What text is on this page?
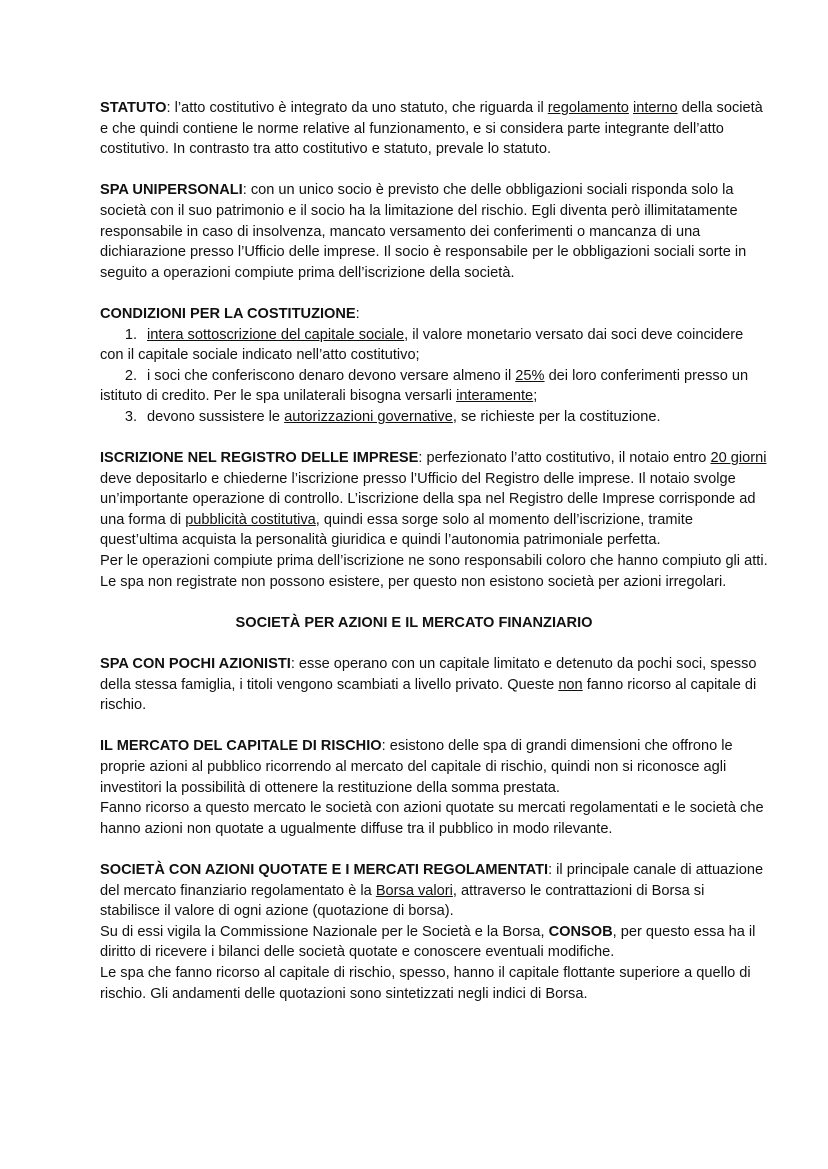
STATUTO: l’atto costitutivo è integrato da uno statuto, che riguarda il regolamento interno della società e che quindi contiene le norme relative al funzionamento, e si considera parte integrante dell’atto costitutivo. In contrasto tra atto costitutivo e statuto, prevale lo statuto.

SPA UNIPERSONALI: con un unico socio è previsto che delle obbligazioni sociali risponda solo la società con il suo patrimonio e il socio ha la limitazione del rischio. Egli diventa però illimitatamente responsabile in caso di insolvenza, mancato versamento dei conferimenti o mancanza di una dichiarazione presso l’Ufficio delle imprese. Il socio è responsabile per le obbligazioni sociali sorte in seguito a operazioni compiute prima dell’iscrizione della società.

CONDIZIONI PER LA COSTITUZIONE:

1. intera sottoscrizione del capitale sociale, il valore monetario versato dai soci deve coincidere con il capitale sociale indicato nell’atto costitutivo;
2. i soci che conferiscono denaro devono versare almeno il 25% dei loro conferimenti presso un istituto di credito. Per le spa unilaterali bisogna versarli interamente;
3. devono sussistere le autorizzazioni governative, se richieste per la costituzione.

ISCRIZIONE NEL REGISTRO DELLE IMPRESE: perfezionato l’atto costitutivo, il notaio entro 20 giorni deve depositarlo e chiederne l’iscrizione presso l’Ufficio del Registro delle imprese. Il notaio svolge un’importante operazione di controllo. L’iscrizione della spa nel Registro delle Imprese corrisponde ad una forma di pubblicità costitutiva, quindi essa sorge solo al momento dell’iscrizione, tramite quest’ultima acquista la personalità giuridica e quindi l’autonomia patrimoniale perfetta.

Per le operazioni compiute prima dell’iscrizione ne sono responsabili coloro che hanno compiuto gli atti. Le spa non registrate non possono esistere, per questo non esistono società per azioni irregolari.

SOCIETÀ PER AZIONI E IL MERCATO FINANZIARIO

SPA CON POCHI AZIONISTI: esse operano con un capitale limitato e detenuto da pochi soci, spesso della stessa famiglia, i titoli vengono scambiati a livello privato. Queste non fanno ricorso al capitale di rischio.

IL MERCATO DEL CAPITALE DI RISCHIO: esistono delle spa di grandi dimensioni che offrono le proprie azioni al pubblico ricorrendo al mercato del capitale di rischio, quindi non si riconosce agli investitori la possibilità di ottenere la restituzione della somma prestata.

Fanno ricorso a questo mercato le società con azioni quotate su mercati regolamentati e le società che hanno azioni non quotate a ugualmente diffuse tra il pubblico in modo rilevante.

SOCIETÀ CON AZIONI QUOTATE E I MERCATI REGOLAMENTATI: il principale canale di attuazione del mercato finanziario regolamentato è la Borsa valori, attraverso le contrattazioni di Borsa si stabilisce il valore di ogni azione (quotazione di borsa).

Su di essi vigila la Commissione Nazionale per le Società e la Borsa, CONSOB, per questo essa ha il diritto di ricevere i bilanci delle società quotate e conoscere eventuali modifiche.

Le spa che fanno ricorso al capitale di rischio, spesso, hanno il capitale flottante superiore a quello di rischio. Gli andamenti delle quotazioni sono sintetizzati negli indici di Borsa.
